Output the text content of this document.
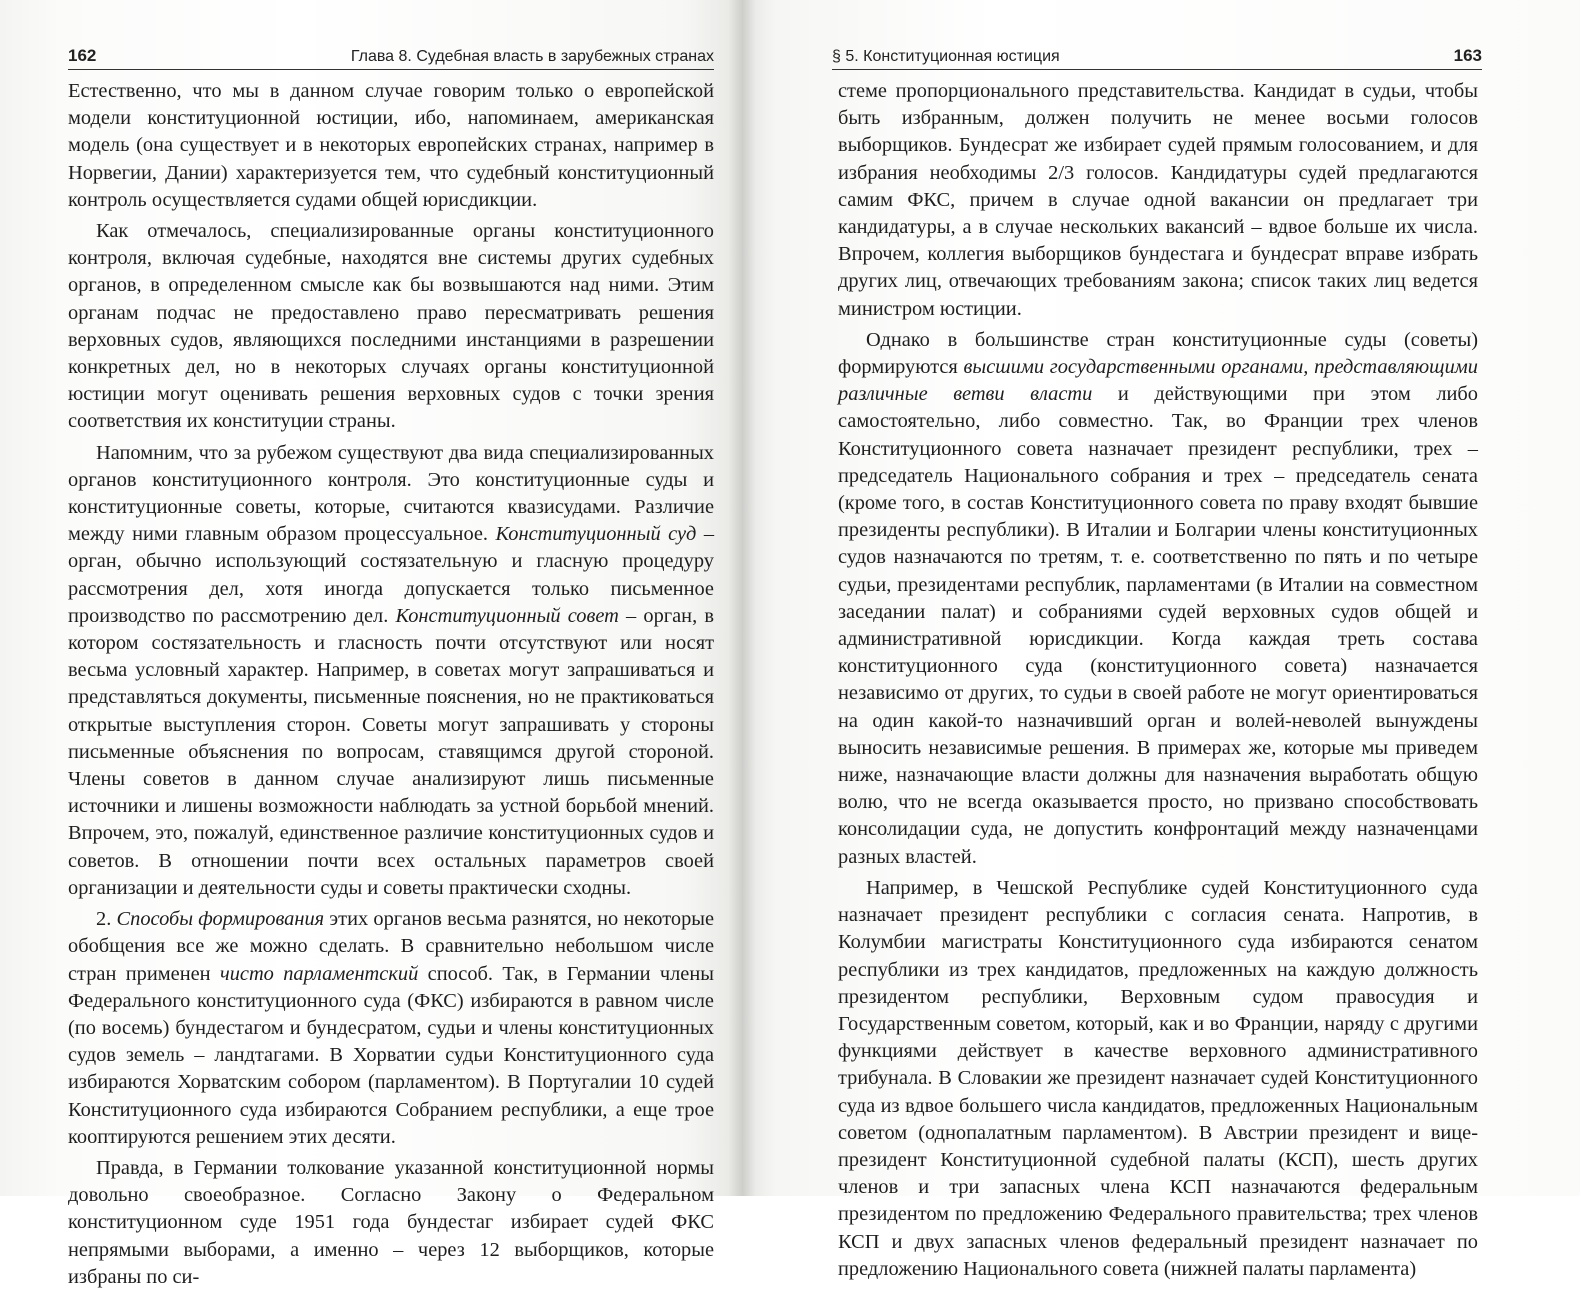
162	Глава 8. Судебная власть в зарубежных странах

Естественно, что мы в данном случае говорим только о европейской модели конституционной юстиции, ибо, напоминаем, американская модель (она существует и в некоторых европейских странах, например в Норвегии, Дании) характеризуется тем, что судебный конституционный контроль осуществляется судами общей юрисдикции.

Как отмечалось, специализированные органы конституционного контроля, включая судебные, находятся вне системы других судебных органов, в определенном смысле как бы возвышаются над ними. Этим органам подчас не предоставлено право пересматривать решения верховных судов, являющихся последними инстанциями в разрешении конкретных дел, но в некоторых случаях органы конституционной юстиции могут оценивать решения верховных судов с точки зрения соответствия их конституции страны.

Напомним, что за рубежом существуют два вида специализированных органов конституционного контроля. Это конституционные суды и конституционные советы, которые, считаются квазисудами. Различие между ними главным образом процессуальное. Конституционный суд – орган, обычно использующий состязательную и гласную процедуру рассмотрения дел, хотя иногда допускается только письменное производство по рассмотрению дел. Конституционный совет – орган, в котором состязательность и гласность почти отсутствуют или носят весьма условный характер. Например, в советах могут запрашиваться и представляться документы, письменные пояснения, но не практиковаться открытые выступления сторон. Советы могут запрашивать у стороны письменные объяснения по вопросам, ставящимся другой стороной. Члены советов в данном случае анализируют лишь письменные источники и лишены возможности наблюдать за устной борьбой мнений. Впрочем, это, пожалуй, единственное различие конституционных судов и советов. В отношении почти всех остальных параметров своей организации и деятельности суды и советы практически сходны.

2. Способы формирования этих органов весьма разнятся, но некоторые обобщения все же можно сделать. В сравнительно небольшом числе стран применен чисто парламентский способ. Так, в Германии члены Федерального конституционного суда (ФКС) избираются в равном числе (по восемь) бундестагом и бундесратом, судьи и члены конституционных судов земель – ландтагами. В Хорватии судьи Конституционного суда избираются Хорватским собором (парламентом). В Португалии 10 судей Конституционного суда избираются Собранием республики, а еще трое кооптируются решением этих десяти.

Правда, в Германии толкование указанной конституционной нормы довольно своеобразное. Согласно Закону о Федеральном конституционном суде 1951 года бундестаг избирает судей ФКС непрямыми выборами, а именно – через 12 выборщиков, которые избраны по си-

§ 5. Конституционная юстиция	163

стеме пропорционального представительства. Кандидат в судьи, чтобы быть избранным, должен получить не менее восьми голосов выборщиков. Бундесрат же избирает судей прямым голосованием, и для избрания необходимы 2/3 голосов. Кандидатуры судей предлагаются самим ФКС, причем в случае одной вакансии он предлагает три кандидатуры, а в случае нескольких вакансий – вдвое больше их числа. Впрочем, коллегия выборщиков бундестага и бундесрат вправе избрать других лиц, отвечающих требованиям закона; список таких лиц ведется министром юстиции.

Однако в большинстве стран конституционные суды (советы) формируются высшими государственными органами, представляющими различные ветви власти и действующими при этом либо самостоятельно, либо совместно. Так, во Франции трех членов Конституционного совета назначает президент республики, трех – председатель Национального собрания и трех – председатель сената (кроме того, в состав Конституционного совета по праву входят бывшие президенты республики). В Италии и Болгарии члены конституционных судов назначаются по третям, т. е. соответственно по пять и по четыре судьи, президентами республик, парламентами (в Италии на совместном заседании палат) и собраниями судей верховных судов общей и административной юрисдикции. Когда каждая треть состава конституционного суда (конституционного совета) назначается независимо от других, то судьи в своей работе не могут ориентироваться на один какой-то назначивший орган и волей-неволей вынуждены выносить независимые решения. В примерах же, которые мы приведем ниже, назначающие власти должны для назначения выработать общую волю, что не всегда оказывается просто, но призвано способствовать консолидации суда, не допустить конфронтаций между назначенцами разных властей.

Например, в Чешской Республике судей Конституционного суда назначает президент республики с согласия сената. Напротив, в Колумбии магистраты Конституционного суда избираются сенатом республики из трех кандидатов, предложенных на каждую должность президентом республики, Верховным судом правосудия и Государственным советом, который, как и во Франции, наряду с другими функциями действует в качестве верховного административного трибунала. В Словакии же президент назначает судей Конституционного суда из вдвое большего числа кандидатов, предложенных Национальным советом (однопалатным парламентом). В Австрии президент и вице-президент Конституционной судебной палаты (КСП), шесть других членов и три запасных члена КСП назначаются федеральным президентом по предложению Федерального правительства; трех членов КСП и двух запасных членов федеральный президент назначает по предложению Национального совета (нижней палаты парламента)
